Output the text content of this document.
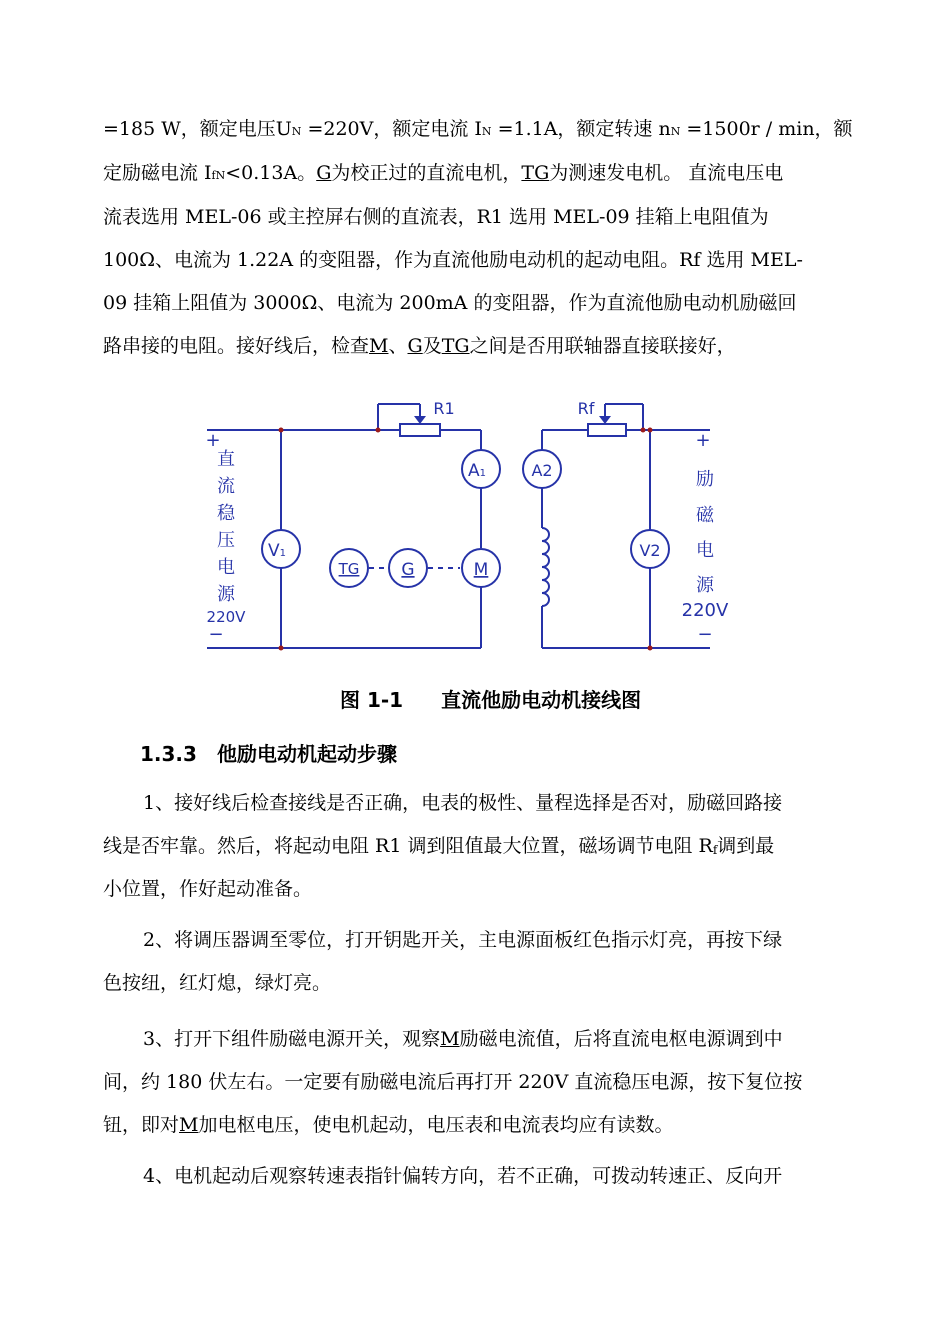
=185 W，额定电压UN =220V，额定电流 IN =1.1A，额定转速 nN =1500r / min，额
定励磁电流 IfN<0.13A。G为校正过的直流电机，TG为测速发电机。 直流电压电
流表选用 MEL-06 或主控屏右侧的直流表，R1 选用 MEL-09 挂箱上电阻值为
100Ω、电流为 1.22A 的变阻器，作为直流他励电动机的起动电阻。Rf 选用 MEL-
09 挂箱上阻值为 3000Ω、电流为 200mA 的变阻器，作为直流他励电动机励磁回
路串接的电阻。接好线后，检查M、G及TG之间是否用联轴器直接联接好，
V1
A1	A2
V2
TG G	M
R1	Rf
+
直
流
稳
压
电
源
220V
−
+
励
磁
电
源
220V
−
图 1-1 直流他励电动机接线图
1.3.3 他励电动机起动步骤
1、接好线后检查接线是否正确，电表的极性、量程选择是否对，励磁回路接
线是否牢靠。然后，将起动电阻 R1 调到阻值最大位置，磁场调节电阻 Rf调到最
小位置，作好起动准备。
2、将调压器调至零位，打开钥匙开关，主电源面板红色指示灯亮，再按下绿
色按纽，红灯熄，绿灯亮。
3、打开下组件励磁电源开关，观察M励磁电流值，后将直流电枢电源调到中
间，约 180 伏左右。一定要有励磁电流后再打开 220V 直流稳压电源，按下复位按
钮，即对M加电枢电压，使电机起动，电压表和电流表均应有读数。
4、电机起动后观察转速表指针偏转方向，若不正确，可拨动转速正、反向开
